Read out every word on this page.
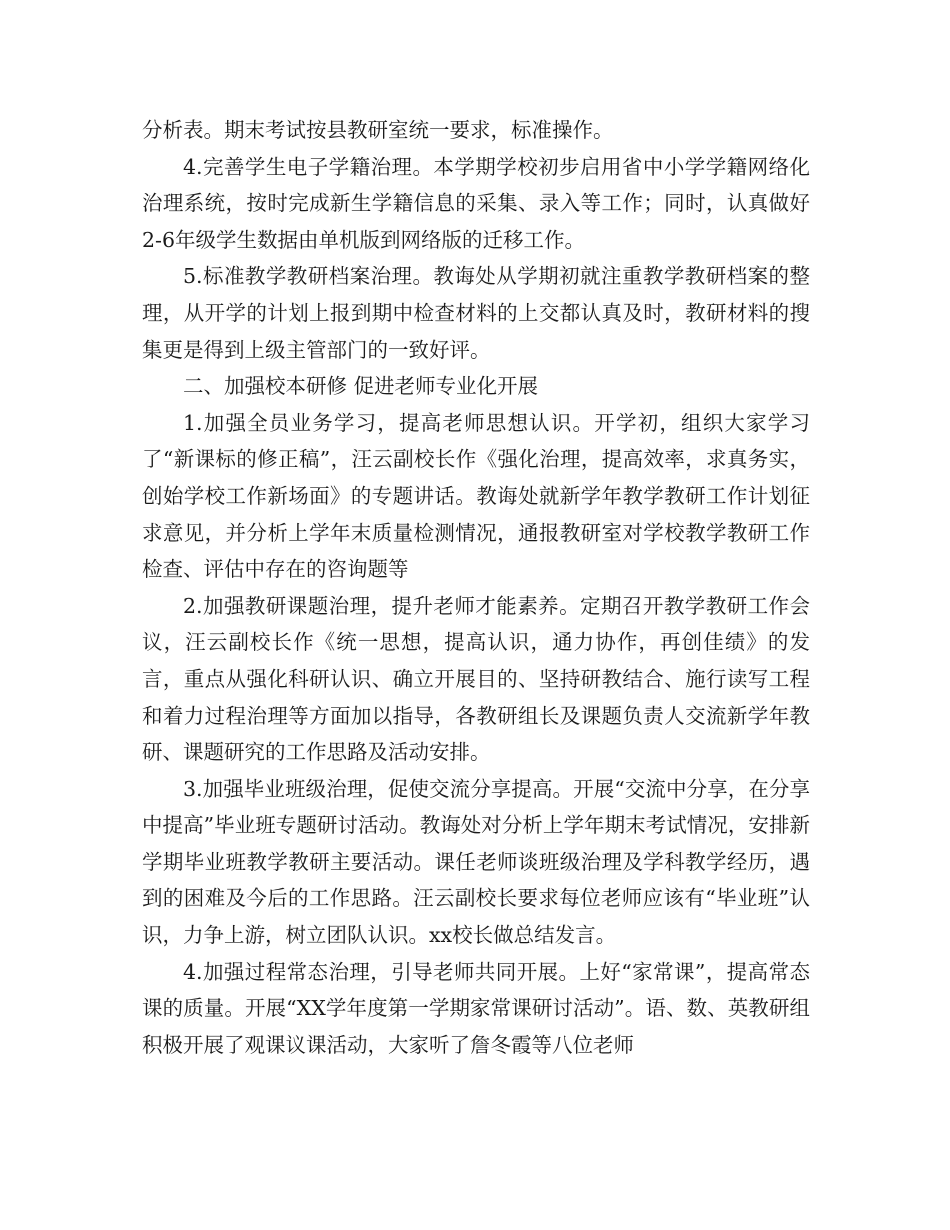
分析表。期末考试按县教研室统一要求，标准操作。

4.完善学生电子学籍治理。本学期学校初步启用省中小学学籍网络化治理系统，按时完成新生学籍信息的采集、录入等工作；同时，认真做好2-6年级学生数据由单机版到网络版的迁移工作。

5.标准教学教研档案治理。教诲处从学期初就注重教学教研档案的整理，从开学的计划上报到期中检查材料的上交都认真及时，教研材料的搜集更是得到上级主管部门的一致好评。

二、加强校本研修 促进老师专业化开展

1.加强全员业务学习，提高老师思想认识。开学初，组织大家学习了“新课标的修正稿”，汪云副校长作《强化治理，提高效率，求真务实，创始学校工作新场面》的专题讲话。教诲处就新学年教学教研工作计划征求意见，并分析上学年末质量检测情况，通报教研室对学校教学教研工作检查、评估中存在的咨询题等

2.加强教研课题治理，提升老师才能素养。定期召开教学教研工作会议，汪云副校长作《统一思想，提高认识，通力协作，再创佳绩》的发言，重点从强化科研认识、确立开展目的、坚持研教结合、施行读写工程和着力过程治理等方面加以指导，各教研组长及课题负责人交流新学年教研、课题研究的工作思路及活动安排。

3.加强毕业班级治理，促使交流分享提高。开展“交流中分享，在分享中提高”毕业班专题研讨活动。教诲处对分析上学年期末考试情况，安排新学期毕业班教学教研主要活动。课任老师谈班级治理及学科教学经历，遇到的困难及今后的工作思路。汪云副校长要求每位老师应该有“毕业班”认识，力争上游，树立团队认识。xx校长做总结发言。

4.加强过程常态治理，引导老师共同开展。上好“家常课”，提高常态课的质量。开展“XX学年度第一学期家常课研讨活动”。语、数、英教研组积极开展了观课议课活动，大家听了詹冬霞等八位老师
